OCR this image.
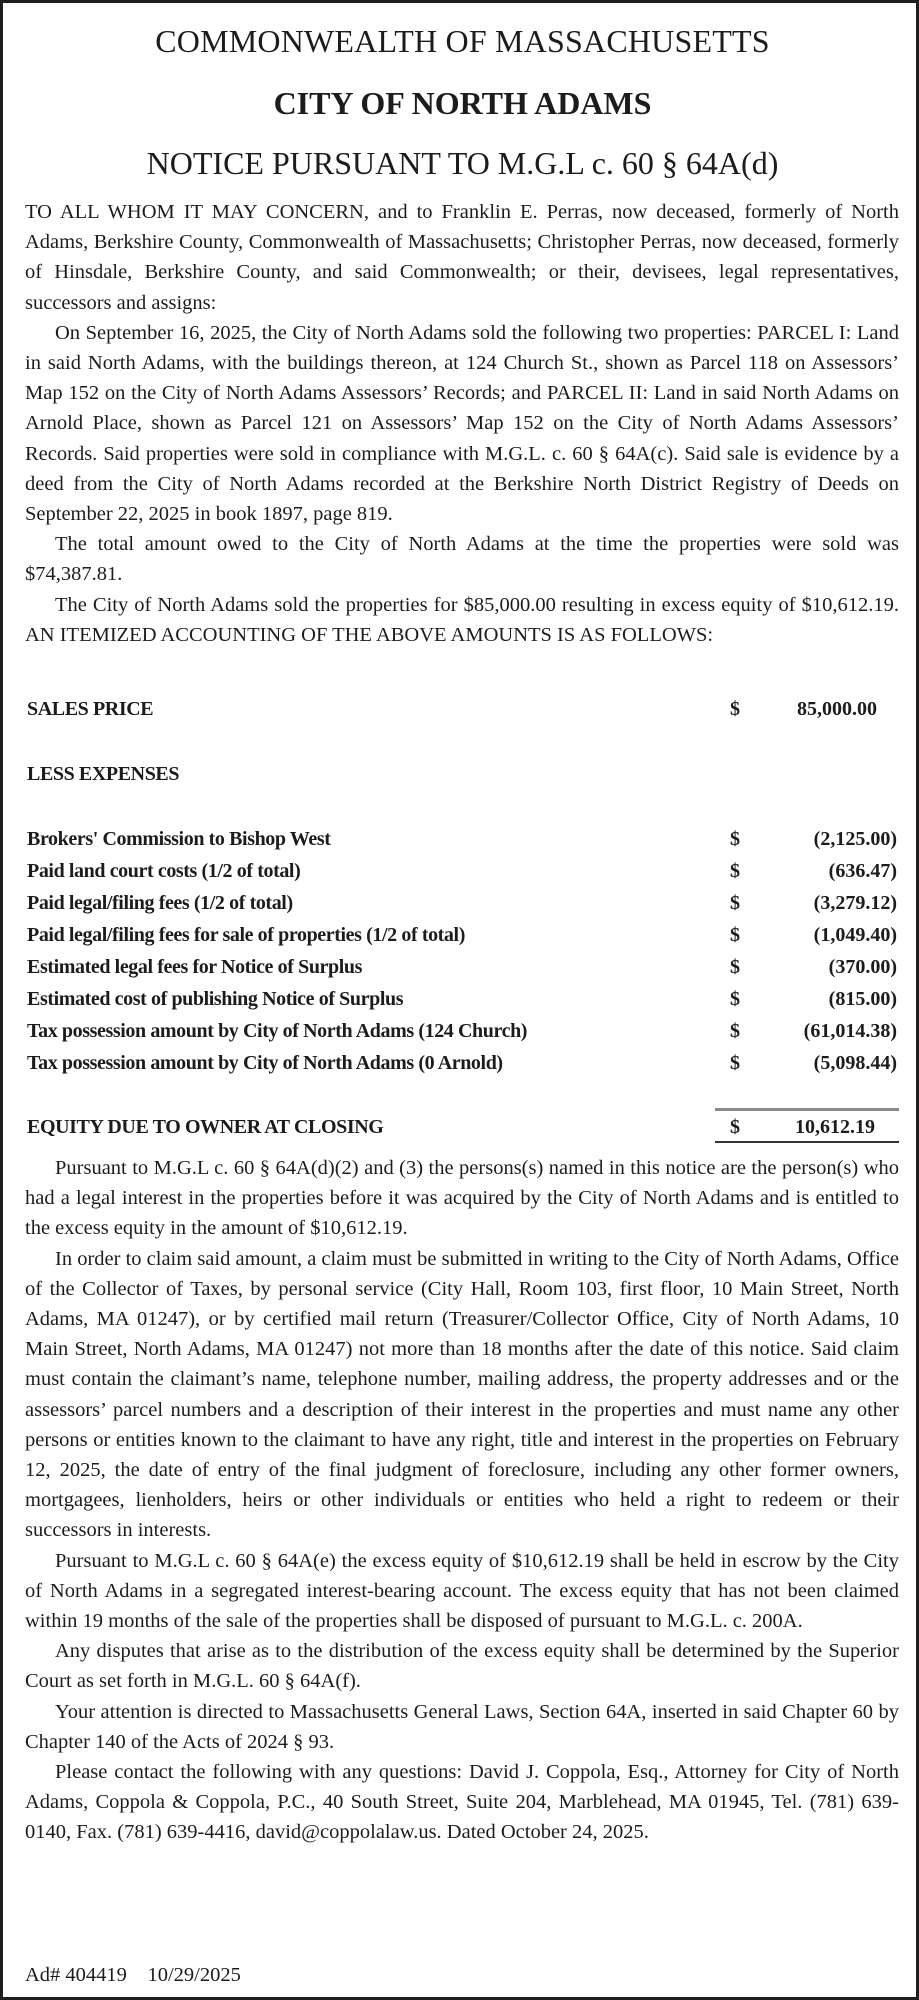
COMMONWEALTH OF MASSACHUSETTS
CITY OF NORTH ADAMS
NOTICE PURSUANT TO M.G.L c. 60 § 64A(d)

TO ALL WHOM IT MAY CONCERN, and to Franklin E. Perras, now deceased, formerly of North Adams, Berkshire County, Commonwealth of Massachusetts; Christopher Perras, now deceased, formerly of Hinsdale, Berkshire County, and said Commonwealth; or their, devisees, legal representatives, successors and assigns:

On September 16, 2025, the City of North Adams sold the following two properties: PARCEL I: Land in said North Adams, with the buildings thereon, at 124 Church St., shown as Parcel 118 on Assessors’ Map 152 on the City of North Adams Assessors’ Records; and PARCEL II: Land in said North Adams on Arnold Place, shown as Parcel 121 on Assessors’ Map 152 on the City of North Adams Assessors’ Records. Said properties were sold in compliance with M.G.L. c. 60 § 64A(c). Said sale is evidence by a deed from the City of North Adams recorded at the Berkshire North District Registry of Deeds on September 22, 2025 in book 1897, page 819.

The total amount owed to the City of North Adams at the time the properties were sold was $74,387.81.

The City of North Adams sold the properties for $85,000.00 resulting in excess equity of $10,612.19. AN ITEMIZED ACCOUNTING OF THE ABOVE AMOUNTS IS AS FOLLOWS:

SALES PRICE	$	85,000.00
LESS EXPENSES
Brokers' Commission to Bishop West	$	(2,125.00)
Paid land court costs (1/2 of total)	$	(636.47)
Paid legal/filing fees (1/2 of total)	$	(3,279.12)
Paid legal/filing fees for sale of properties (1/2 of total)	$	(1,049.40)
Estimated legal fees for Notice of Surplus	$	(370.00)
Estimated cost of publishing Notice of Surplus	$	(815.00)
Tax possession amount by City of North Adams (124 Church)	$	(61,014.38)
Tax possession amount by City of North Adams (0 Arnold)	$	(5,098.44)
EQUITY DUE TO OWNER AT CLOSING	$	10,612.19

Pursuant to M.G.L c. 60 § 64A(d)(2) and (3) the persons(s) named in this notice are the person(s) who had a legal interest in the properties before it was acquired by the City of North Adams and is entitled to the excess equity in the amount of $10,612.19.

In order to claim said amount, a claim must be submitted in writing to the City of North Adams, Office of the Collector of Taxes, by personal service (City Hall, Room 103, first floor, 10 Main Street, North Adams, MA 01247), or by certified mail return (Treasurer/Collector Office, City of North Adams, 10 Main Street, North Adams, MA 01247) not more than 18 months after the date of this notice. Said claim must contain the claimant’s name, telephone number, mailing address, the property addresses and or the assessors’ parcel numbers and a description of their interest in the properties and must name any other persons or entities known to the claimant to have any right, title and interest in the properties on February 12, 2025, the date of entry of the final judgment of foreclosure, including any other former owners, mortgagees, lienholders, heirs or other individuals or entities who held a right to redeem or their successors in interests.

Pursuant to M.G.L c. 60 § 64A(e) the excess equity of $10,612.19 shall be held in escrow by the City of North Adams in a segregated interest-bearing account. The excess equity that has not been claimed within 19 months of the sale of the properties shall be disposed of pursuant to M.G.L. c. 200A.

Any disputes that arise as to the distribution of the excess equity shall be determined by the Superior Court as set forth in M.G.L. 60 § 64A(f).

Your attention is directed to Massachusetts General Laws, Section 64A, inserted in said Chapter 60 by Chapter 140 of the Acts of 2024 § 93.

Please contact the following with any questions: David J. Coppola, Esq., Attorney for City of North Adams, Coppola & Coppola, P.C., 40 South Street, Suite 204, Marblehead, MA 01945, Tel. (781) 639-0140, Fax. (781) 639-4416, david@coppolalaw.us. Dated October 24, 2025.

Ad# 404419 10/29/2025
